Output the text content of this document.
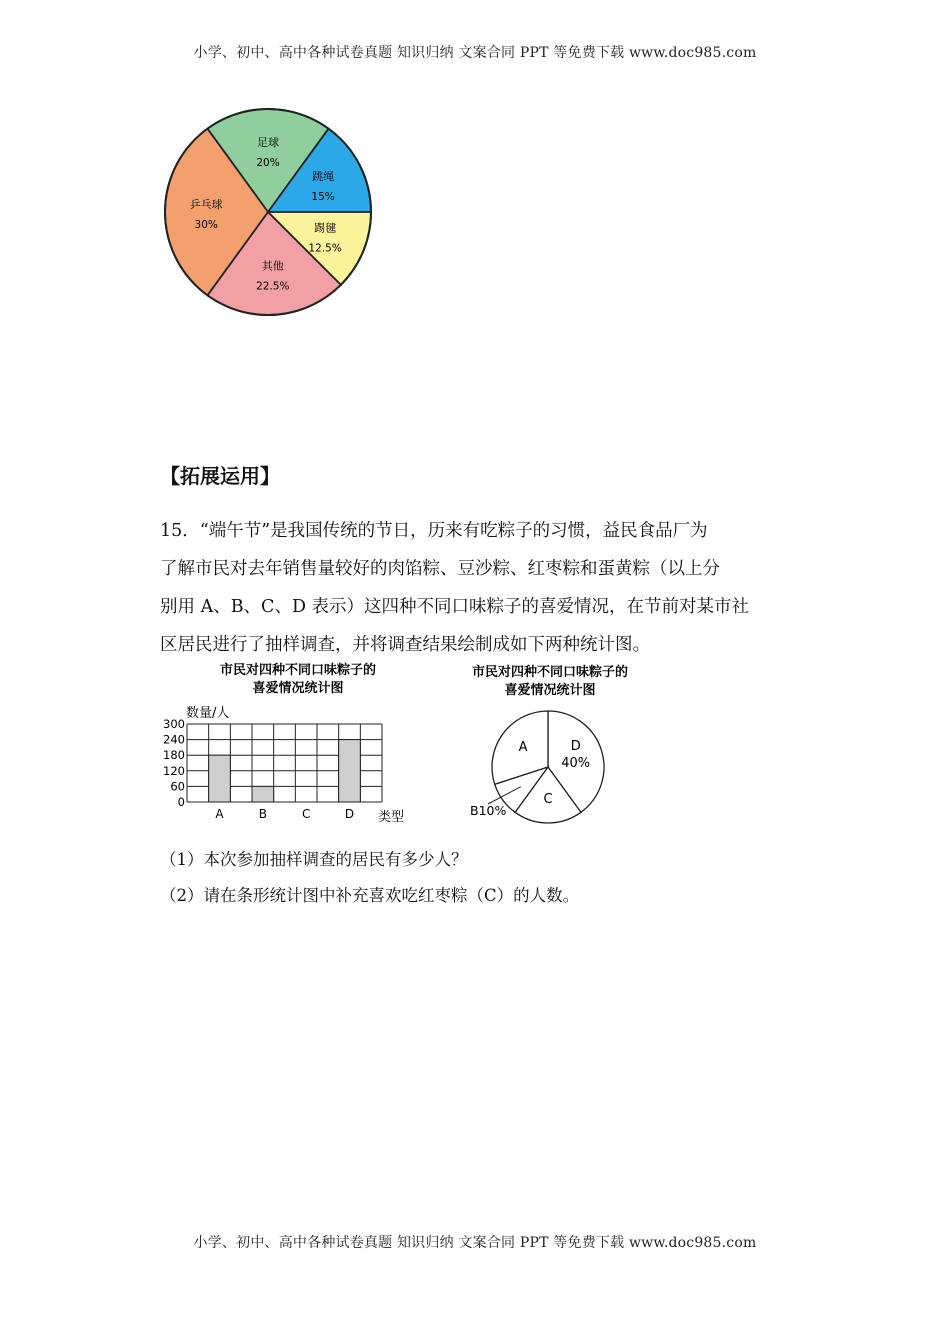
小学、初中、高中各种试卷真题 知识归纳 文案合同 PPT 等免费下载 www.doc985.com
足球
20%
跳绳
15%
踢毽
12.5%
其他
22.5%
乒乓球
30%
【拓展运用】
15．“端午节”是我国传统的节日，历来有吃粽子的习惯，益民食品厂为
了解市民对去年销售量较好的肉馅粽、豆沙粽、红枣粽和蛋黄粽（以上分
别用 A、B、C、D 表示）这四种不同口味粽子的喜爱情况，在节前对某市社
区居民进行了抽样调查，并将调查结果绘制成如下两种统计图。
市民对四种不同口味粽子的
喜爱情况统计图
数量/人
300
240
180
120
60
0
A	B	C	D 类型
市民对四种不同口味粽子的
喜爱情况统计图
D
40%
C
B10%
A
（1）本次参加抽样调查的居民有多少人？
（2）请在条形统计图中补充喜欢吃红枣粽（C）的人数。
小学、初中、高中各种试卷真题 知识归纳 文案合同 PPT 等免费下载 www.doc985.com
